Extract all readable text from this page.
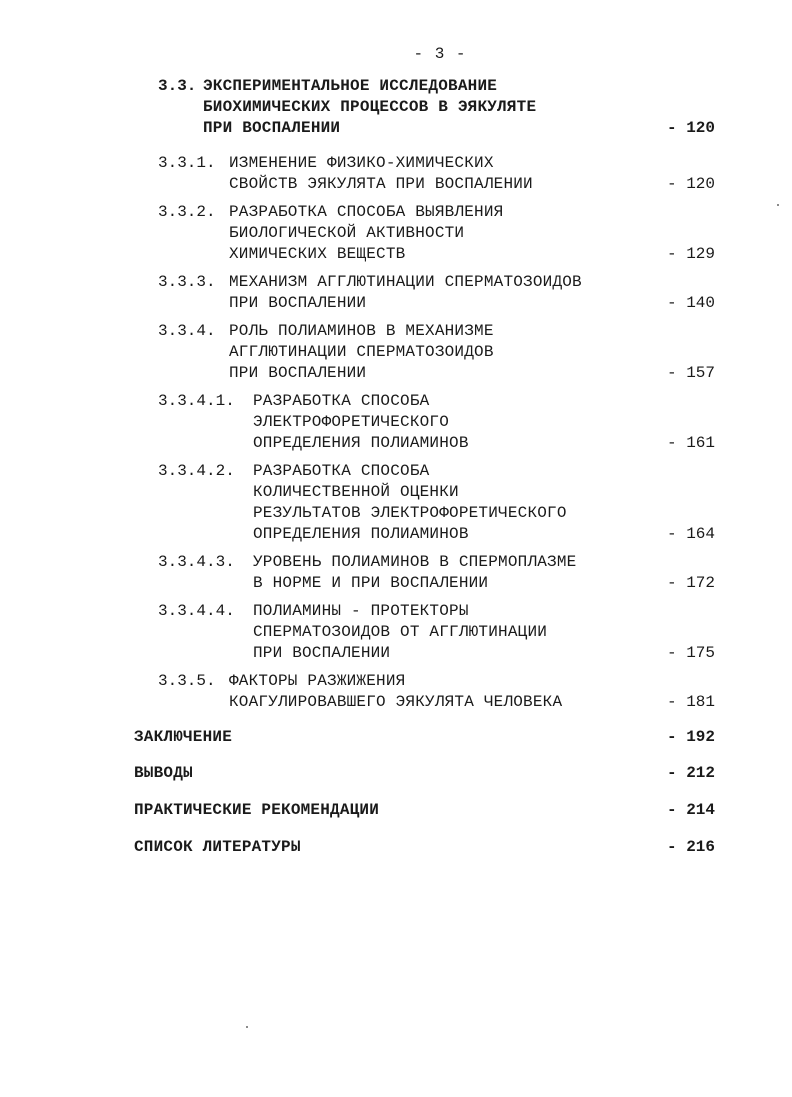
- 3 -
3.3. ЭКСПЕРИМЕНТАЛЬНОЕ ИССЛЕДОВАНИЕ
БИОХИМИЧЕСКИХ ПРОЦЕССОВ В ЭЯКУЛЯТЕ
ПРИ ВОСПАЛЕНИИ	- 120
3.3.1. ИЗМЕНЕНИЕ ФИЗИКО-ХИМИЧЕСКИХ
СВОЙСТВ ЭЯКУЛЯТА ПРИ ВОСПАЛЕНИИ	- 120
3.3.2. РАЗРАБОТКА СПОСОБА ВЫЯВЛЕНИЯ
БИОЛОГИЧЕСКОЙ АКТИВНОСТИ
ХИМИЧЕСКИХ ВЕЩЕСТВ	- 129
3.3.3. МЕХАНИЗМ АГГЛЮТИНАЦИИ СПЕРМАТОЗОИДОВ
ПРИ ВОСПАЛЕНИИ	- 140
3.3.4. РОЛЬ ПОЛИАМИНОВ В МЕХАНИЗМЕ
АГГЛЮТИНАЦИИ СПЕРМАТОЗОИДОВ
ПРИ ВОСПАЛЕНИИ	- 157
3.3.4.1. РАЗРАБОТКА СПОСОБА
ЭЛЕКТРОФОРЕТИЧЕСКОГО
ОПРЕДЕЛЕНИЯ ПОЛИАМИНОВ	- 161
3.3.4.2. РАЗРАБОТКА СПОСОБА
КОЛИЧЕСТВЕННОЙ ОЦЕНКИ
РЕЗУЛЬТАТОВ ЭЛЕКТРОФОРЕТИЧЕСКОГО
ОПРЕДЕЛЕНИЯ ПОЛИАМИНОВ	- 164
3.3.4.3. УРОВЕНЬ ПОЛИАМИНОВ В СПЕРМОПЛАЗМЕ
В НОРМЕ И ПРИ ВОСПАЛЕНИИ	- 172
3.3.4.4. ПОЛИАМИНЫ - ПРОТЕКТОРЫ
СПЕРМАТОЗОИДОВ ОТ АГГЛЮТИНАЦИИ
ПРИ ВОСПАЛЕНИИ	- 175
3.3.5. ФАКТОРЫ РАЗЖИЖЕНИЯ
КОАГУЛИРОВАВШЕГО ЭЯКУЛЯТА ЧЕЛОВЕКА	- 181
ЗАКЛЮЧЕНИЕ	- 192
ВЫВОДЫ	- 212
ПРАКТИЧЕСКИЕ РЕКОМЕНДАЦИИ	- 214
СПИСОК ЛИТЕРАТУРЫ	- 216
